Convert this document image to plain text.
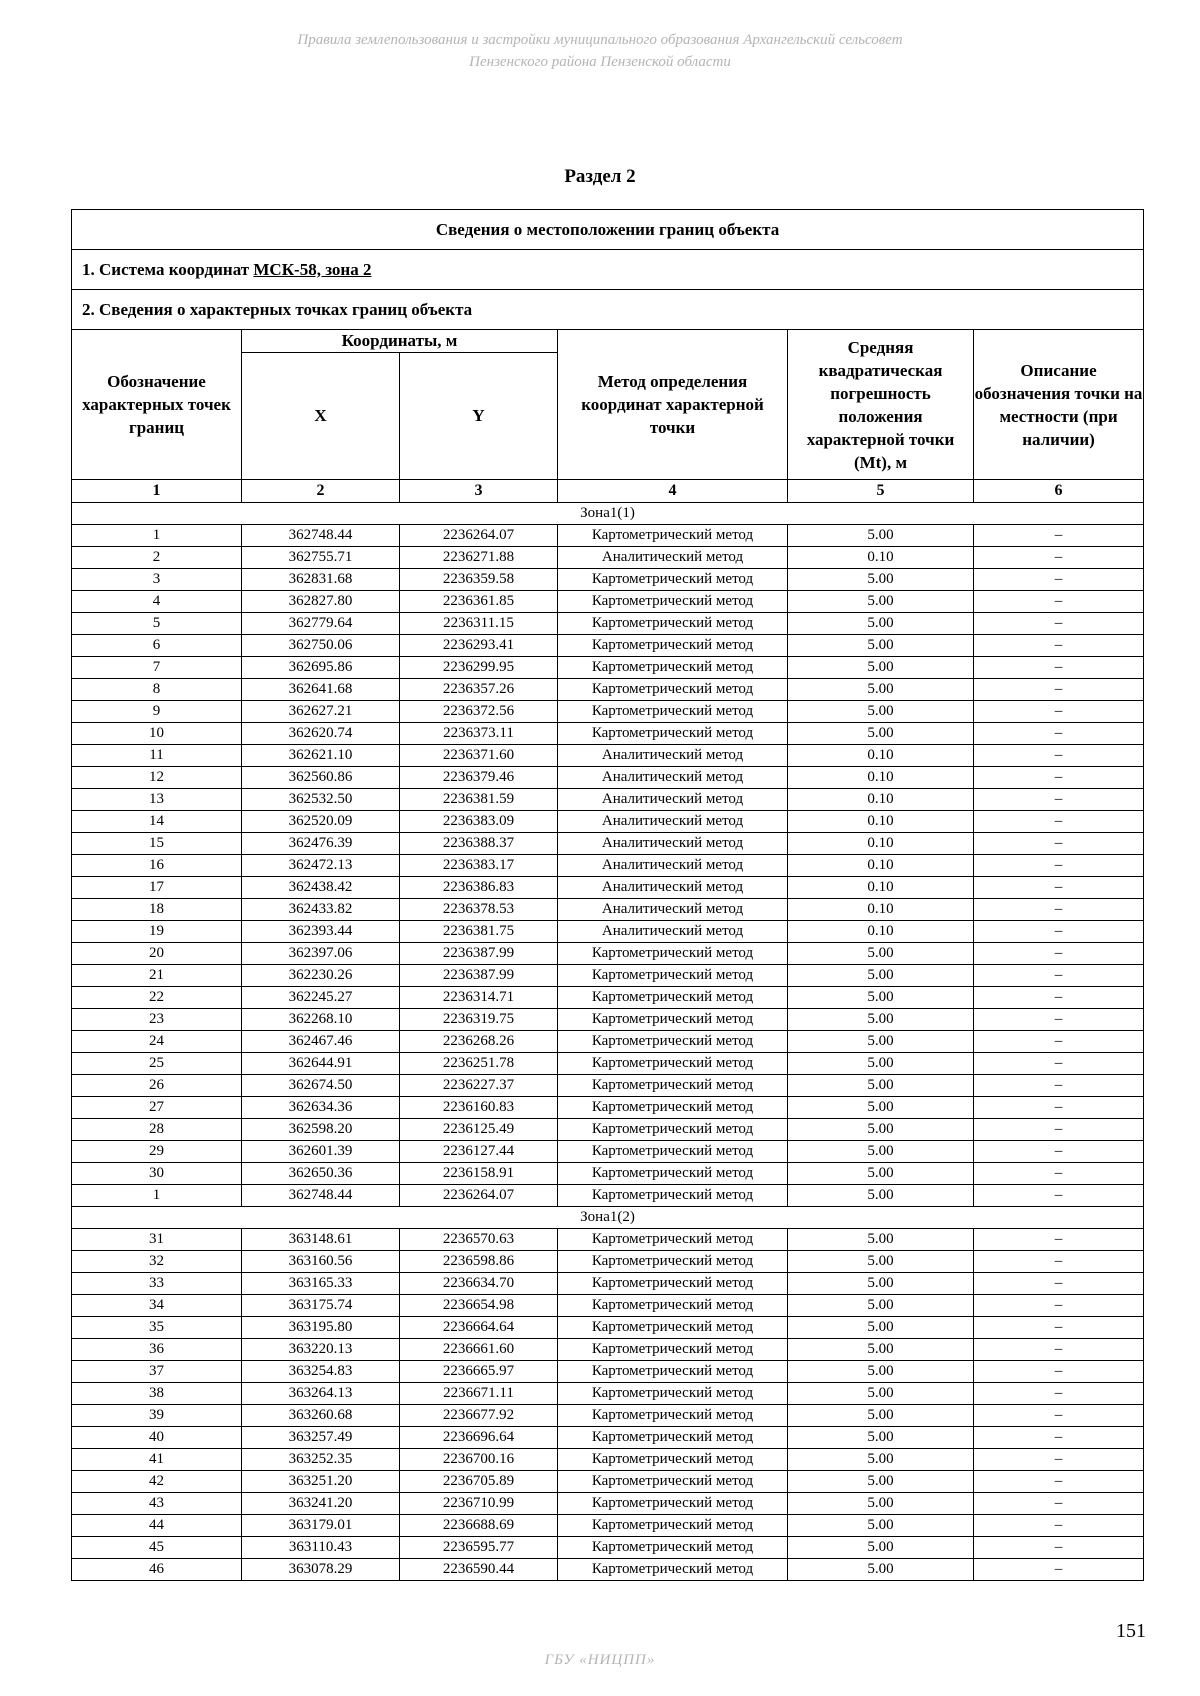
Правила землепользования и застройки муниципального образования Архангельский сельсовет
Пензенского района Пензенской области
Раздел 2
Сведения о местоположении границ объекта					
1. Система координат МСК-58, зона 2					
2. Сведения о характерных точках границ объекта					
Обозначение характерных точек границ	Координаты, м		Метод определения координат характерной точки	Средняя квадратическая погрешность положения характерной точки (Mt), м	Описание обозначения точки на местности (при наличии)
	X	Y			
1	2	3	4	5	6
Зона1(1)					
1	362748.44	2236264.07	Картометрический метод	5.00	–
2	362755.71	2236271.88	Аналитический метод	0.10	–
3	362831.68	2236359.58	Картометрический метод	5.00	–
4	362827.80	2236361.85	Картометрический метод	5.00	–
5	362779.64	2236311.15	Картометрический метод	5.00	–
6	362750.06	2236293.41	Картометрический метод	5.00	–
7	362695.86	2236299.95	Картометрический метод	5.00	–
8	362641.68	2236357.26	Картометрический метод	5.00	–
9	362627.21	2236372.56	Картометрический метод	5.00	–
10	362620.74	2236373.11	Картометрический метод	5.00	–
11	362621.10	2236371.60	Аналитический метод	0.10	–
12	362560.86	2236379.46	Аналитический метод	0.10	–
13	362532.50	2236381.59	Аналитический метод	0.10	–
14	362520.09	2236383.09	Аналитический метод	0.10	–
15	362476.39	2236388.37	Аналитический метод	0.10	–
16	362472.13	2236383.17	Аналитический метод	0.10	–
17	362438.42	2236386.83	Аналитический метод	0.10	–
18	362433.82	2236378.53	Аналитический метод	0.10	–
19	362393.44	2236381.75	Аналитический метод	0.10	–
20	362397.06	2236387.99	Картометрический метод	5.00	–
21	362230.26	2236387.99	Картометрический метод	5.00	–
22	362245.27	2236314.71	Картометрический метод	5.00	–
23	362268.10	2236319.75	Картометрический метод	5.00	–
24	362467.46	2236268.26	Картометрический метод	5.00	–
25	362644.91	2236251.78	Картометрический метод	5.00	–
26	362674.50	2236227.37	Картометрический метод	5.00	–
27	362634.36	2236160.83	Картометрический метод	5.00	–
28	362598.20	2236125.49	Картометрический метод	5.00	–
29	362601.39	2236127.44	Картометрический метод	5.00	–
30	362650.36	2236158.91	Картометрический метод	5.00	–
1	362748.44	2236264.07	Картометрический метод	5.00	–
Зона1(2)					
31	363148.61	2236570.63	Картометрический метод	5.00	–
32	363160.56	2236598.86	Картометрический метод	5.00	–
33	363165.33	2236634.70	Картометрический метод	5.00	–
34	363175.74	2236654.98	Картометрический метод	5.00	–
35	363195.80	2236664.64	Картометрический метод	5.00	–
36	363220.13	2236661.60	Картометрический метод	5.00	–
37	363254.83	2236665.97	Картометрический метод	5.00	–
38	363264.13	2236671.11	Картометрический метод	5.00	–
39	363260.68	2236677.92	Картометрический метод	5.00	–
40	363257.49	2236696.64	Картометрический метод	5.00	–
41	363252.35	2236700.16	Картометрический метод	5.00	–
42	363251.20	2236705.89	Картометрический метод	5.00	–
43	363241.20	2236710.99	Картометрический метод	5.00	–
44	363179.01	2236688.69	Картометрический метод	5.00	–
45	363110.43	2236595.77	Картометрический метод	5.00	–
46	363078.29	2236590.44	Картометрический метод	5.00	–
151
ГБУ «НИЦПП»
